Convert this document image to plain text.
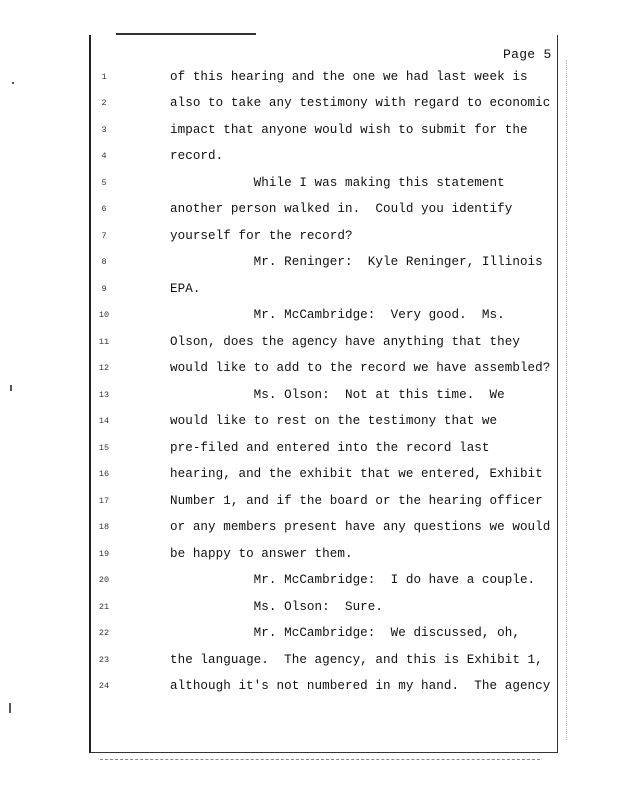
Page 5
1	of this hearing and the one we had last week is
2	also to take any testimony with regard to economic
3	impact that anyone would wish to submit for the
4	record.
5	While I was making this statement
6	another person walked in.  Could you identify
7	yourself for the record?
8	Mr. Reninger:  Kyle Reninger, Illinois
9	EPA.
10	Mr. McCambridge:  Very good.  Ms.
11	Olson, does the agency have anything that they
12	would like to add to the record we have assembled?
13	Ms. Olson:  Not at this time.  We
14	would like to rest on the testimony that we
15	pre-filed and entered into the record last
16	hearing, and the exhibit that we entered, Exhibit
17	Number 1, and if the board or the hearing officer
18	or any members present have any questions we would
19	be happy to answer them.
20	Mr. McCambridge:  I do have a couple.
21	Ms. Olson:  Sure.
22	Mr. McCambridge:  We discussed, oh,
23	the language.  The agency, and this is Exhibit 1,
24	although it's not numbered in my hand.  The agency
